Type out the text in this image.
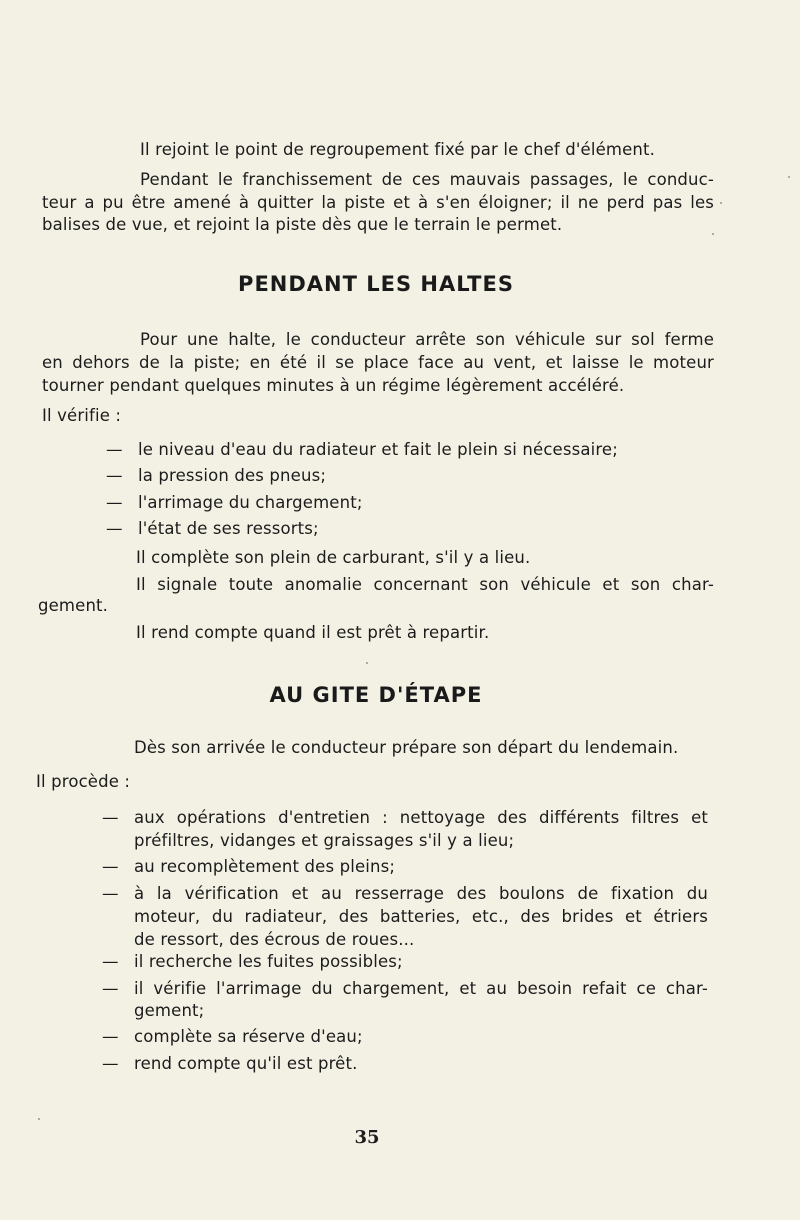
Il rejoint le point de regroupement fixé par le chef d'élément.

Pendant le franchissement de ces mauvais passages, le conduc-

teur a pu être amené à quitter la piste et à s'en éloigner; il ne perd pas les

balises de vue, et rejoint la piste dès que le terrain le permet.

PENDANT LES HALTES

Pour une halte, le conducteur arrête son véhicule sur sol ferme

en dehors de la piste; en été il se place face au vent, et laisse le moteur

tourner pendant quelques minutes à un régime légèrement accéléré.

Il vérifie :

— le niveau d'eau du radiateur et fait le plein si nécessaire;

— la pression des pneus;

— l'arrimage du chargement;

— l'état de ses ressorts;

Il complète son plein de carburant, s'il y a lieu.

Il signale toute anomalie concernant son véhicule et son char-

gement.

Il rend compte quand il est prêt à repartir.

AU GITE D'ÉTAPE

Dès son arrivée le conducteur prépare son départ du lendemain.

Il procède :

— aux opérations d'entretien : nettoyage des différents filtres et

préfiltres, vidanges et graissages s'il y a lieu;

— au recomplètement des pleins;

— à la vérification et au resserrage des boulons de fixation du

moteur, du radiateur, des batteries, etc., des brides et étriers

de ressort, des écrous de roues...

— il recherche les fuites possibles;

— il vérifie l'arrimage du chargement, et au besoin refait ce char-

gement;

— complète sa réserve d'eau;

— rend compte qu'il est prêt.

35
